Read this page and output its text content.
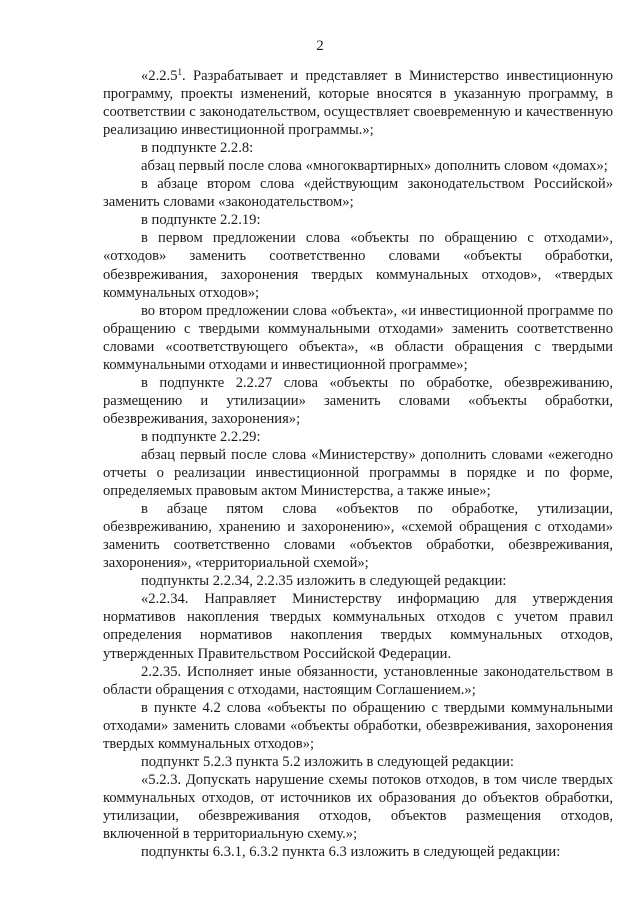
2

«2.2.5$^1$. Разрабатывает и представляет в Министерство инвестиционную программу, проекты изменений, которые вносятся в указанную программу, в соответствии с законодательством, осуществляет своевременную и качественную реализацию инвестиционной программы.»;

в подпункте 2.2.8:

абзац первый после слова «многоквартирных» дополнить словом «домах»;

в абзаце втором слова «действующим законодательством Российской» заменить словами «законодательством»;

в подпункте 2.2.19:

в первом предложении слова «объекты по обращению с отходами», «отходов» заменить соответственно словами «объекты обработки, обезвреживания, захоронения твердых коммунальных отходов», «твердых коммунальных отходов»;

во втором предложении слова «объекта», «и инвестиционной программе по обращению с твердыми коммунальными отходами» заменить соответственно словами «соответствующего объекта», «в области обращения с твердыми коммунальными отходами и инвестиционной программе»;

в подпункте 2.2.27 слова «объекты по обработке, обезвреживанию, размещению и утилизации» заменить словами «объекты обработки, обезвреживания, захоронения»;

в подпункте 2.2.29:

абзац первый после слова «Министерству» дополнить словами «ежегодно отчеты о реализации инвестиционной программы в порядке и по форме, определяемых правовым актом Министерства, а также иные»;

в абзаце пятом слова «объектов по обработке, утилизации, обезвреживанию, хранению и захоронению», «схемой обращения с отходами» заменить соответственно словами «объектов обработки, обезвреживания, захоронения», «территориальной схемой»;

подпункты 2.2.34, 2.2.35 изложить в следующей редакции:

«2.2.34. Направляет Министерству информацию для утверждения нормативов накопления твердых коммунальных отходов с учетом правил определения нормативов накопления твердых коммунальных отходов, утвержденных Правительством Российской Федерации.

2.2.35. Исполняет иные обязанности, установленные законодательством в области обращения с отходами, настоящим Соглашением.»;

в пункте 4.2 слова «объекты по обращению с твердыми коммунальными отходами» заменить словами «объекты обработки, обезвреживания, захоронения твердых коммунальных отходов»;

подпункт 5.2.3 пункта 5.2 изложить в следующей редакции:

«5.2.3. Допускать нарушение схемы потоков отходов, в том числе твердых коммунальных отходов, от источников их образования до объектов обработки, утилизации, обезвреживания отходов, объектов размещения отходов, включенной в территориальную схему.»;

подпункты 6.3.1, 6.3.2 пункта 6.3 изложить в следующей редакции:
